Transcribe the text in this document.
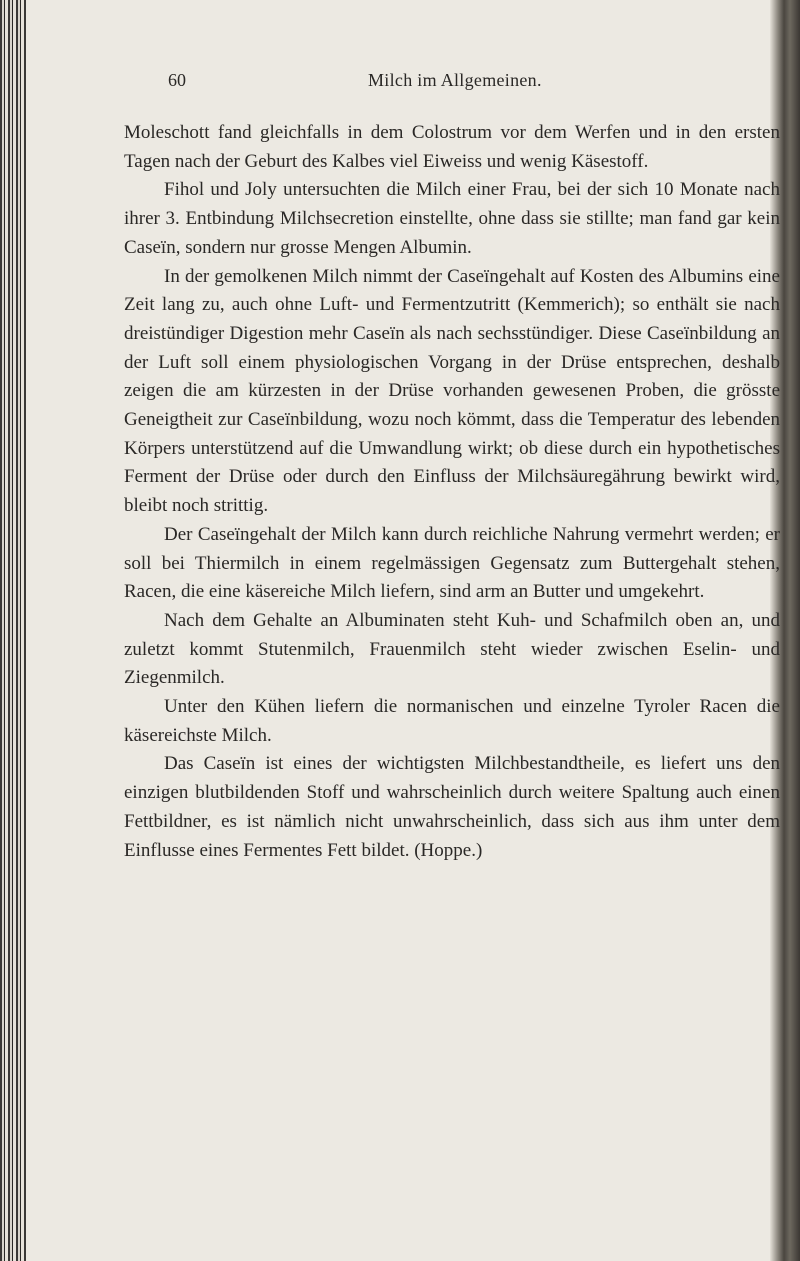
60	Milch im Allgemeinen.

Moleschott fand gleichfalls in dem Colostrum vor dem Werfen und in den ersten Tagen nach der Geburt des Kalbes viel Eiweiss und wenig Käsestoff.

Fihol und Joly untersuchten die Milch einer Frau, bei der sich 10 Monate nach ihrer 3. Entbindung Milchsecretion einstellte, ohne dass sie stillte; man fand gar kein Caseïn, sondern nur grosse Mengen Albumin.

In der gemolkenen Milch nimmt der Caseïngehalt auf Kosten des Albumins eine Zeit lang zu, auch ohne Luft- und Fermentzutritt (Kemmerich); so enthält sie nach dreistündiger Digestion mehr Caseïn als nach sechsstündiger. Diese Caseïnbildung an der Luft soll einem physiologischen Vorgang in der Drüse entsprechen, deshalb zeigen die am kürzesten in der Drüse vorhanden gewesenen Proben, die grösste Geneigtheit zur Caseïnbildung, wozu noch kömmt, dass die Temperatur des lebenden Körpers unterstützend auf die Umwandlung wirkt; ob diese durch ein hypothetisches Ferment der Drüse oder durch den Einfluss der Milchsäuregährung bewirkt wird, bleibt noch strittig.

Der Caseïngehalt der Milch kann durch reichliche Nahrung vermehrt werden; er soll bei Thiermilch in einem regelmässigen Gegensatz zum Buttergehalt stehen, Racen, die eine käsereiche Milch liefern, sind arm an Butter und umgekehrt.

Nach dem Gehalte an Albuminaten steht Kuh- und Schafmilch oben an, und zuletzt kommt Stutenmilch, Frauenmilch steht wieder zwischen Eselin- und Ziegenmilch.

Unter den Kühen liefern die normanischen und einzelne Tyroler Racen die käsereichste Milch.

Das Caseïn ist eines der wichtigsten Milchbestandtheile, es liefert uns den einzigen blutbildenden Stoff und wahrscheinlich durch weitere Spaltung auch einen Fettbildner, es ist nämlich nicht unwahrscheinlich, dass sich aus ihm unter dem Einflusse eines Fermentes Fett bildet. (Hoppe.)
